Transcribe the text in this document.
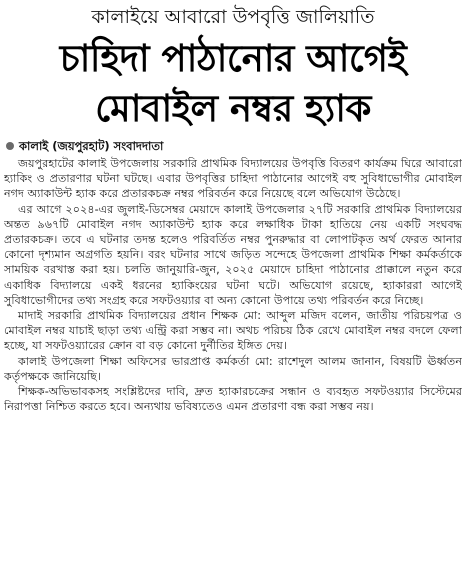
কালাইয়ে আবারো উপবৃত্তি জালিয়াতি
চাহিদা পাঠানোর আগেই
মোবাইল নম্বর হ্যাক
কালাই (জয়পুরহাট) সংবাদদাতা

জয়পুরহাটের কালাই উপজেলায় সরকারি প্রাথমিক বিদ্যালয়ের উপবৃত্তি বিতরণ কার্যক্রম ঘিরে আবারো হ্যাকিং ও প্রতারণার ঘটনা ঘটছে। এবার উপবৃত্তির চাহিদা পাঠানোর আগেই বহু সুবিধাভোগীর মোবাইল নগদ অ্যাকাউন্ট হ্যাক করে প্রতারকচক্র নম্বর পরিবর্তন করে নিয়েছে বলে অভিযোগ উঠেছে।

এর আগে ২০২৪-এর জুলাই-ডিসেম্বর মেয়াদে কালাই উপজেলার ২৭টি সরকারি প্রাথমিক বিদ্যালয়ের অন্তত ৯৬৭টি মোবাইল নগদ অ্যাকাউন্ট হ্যাক করে লক্ষাধিক টাকা হাতিয়ে নেয় একটি সংঘবদ্ধ প্রতারকচক্র। তবে এ ঘটনার তদন্ত হলেও পরিবর্তিত নম্বর পুনরুদ্ধার বা লোপাটকৃত অর্থ ফেরত আনার কোনো দৃশ্যমান অগ্রগতি হয়নি। বরং ঘটনার সাথে জড়িত সন্দেহে উপজেলা প্রাথমিক শিক্ষা কর্মকর্তাকে সাময়িক বরখাস্ত করা হয়। চলতি জানুয়ারি-জুন, ২০২৫ মেয়াদে চাহিদা পাঠানোর প্রাক্কালে নতুন করে একাধিক বিদ্যালয়ে একই ধরনের হ্যাকিংয়ের ঘটনা ঘটে। অভিযোগ রয়েছে, হ্যাকাররা আগেই সুবিধাভোগীদের তথ্য সংগ্রহ করে সফটওয়্যার বা অন্য কোনো উপায়ে তথ্য পরিবর্তন করে নিচ্ছে।

মাদাই সরকারি প্রাথমিক বিদ্যালয়ের প্রধান শিক্ষক মো: আব্দুল মজিদ বলেন, জাতীয় পরিচয়পত্র ও মোবাইল নম্বর যাচাই ছাড়া তথ্য এন্ট্রি করা সম্ভব না। অথচ পরিচয় ঠিক রেখে মোবাইল নম্বর বদলে ফেলা হচ্ছে, যা সফটওয়্যারের ক্রোন বা বড় কোনো দুর্নীতির ইঙ্গিত দেয়।

কালাই উপজেলা শিক্ষা অফিসের ভারপ্রাপ্ত কর্মকর্তা মো: রাশেদুল আলম জানান, বিষয়টি ঊর্ধ্বতন কর্তৃপক্ষকে জানিয়েছি।

শিক্ষক-অভিভাবকসহ সংশ্লিষ্টদের দাবি, দ্রুত হ্যাকারচক্রের সন্ধান ও ব্যবহৃত সফটওয়্যার সিস্টেমের নিরাপত্তা নিশ্চিত করতে হবে। অন্যথায় ভবিষ্যতেও এমন প্রতারণা বন্ধ করা সম্ভব নয়।
